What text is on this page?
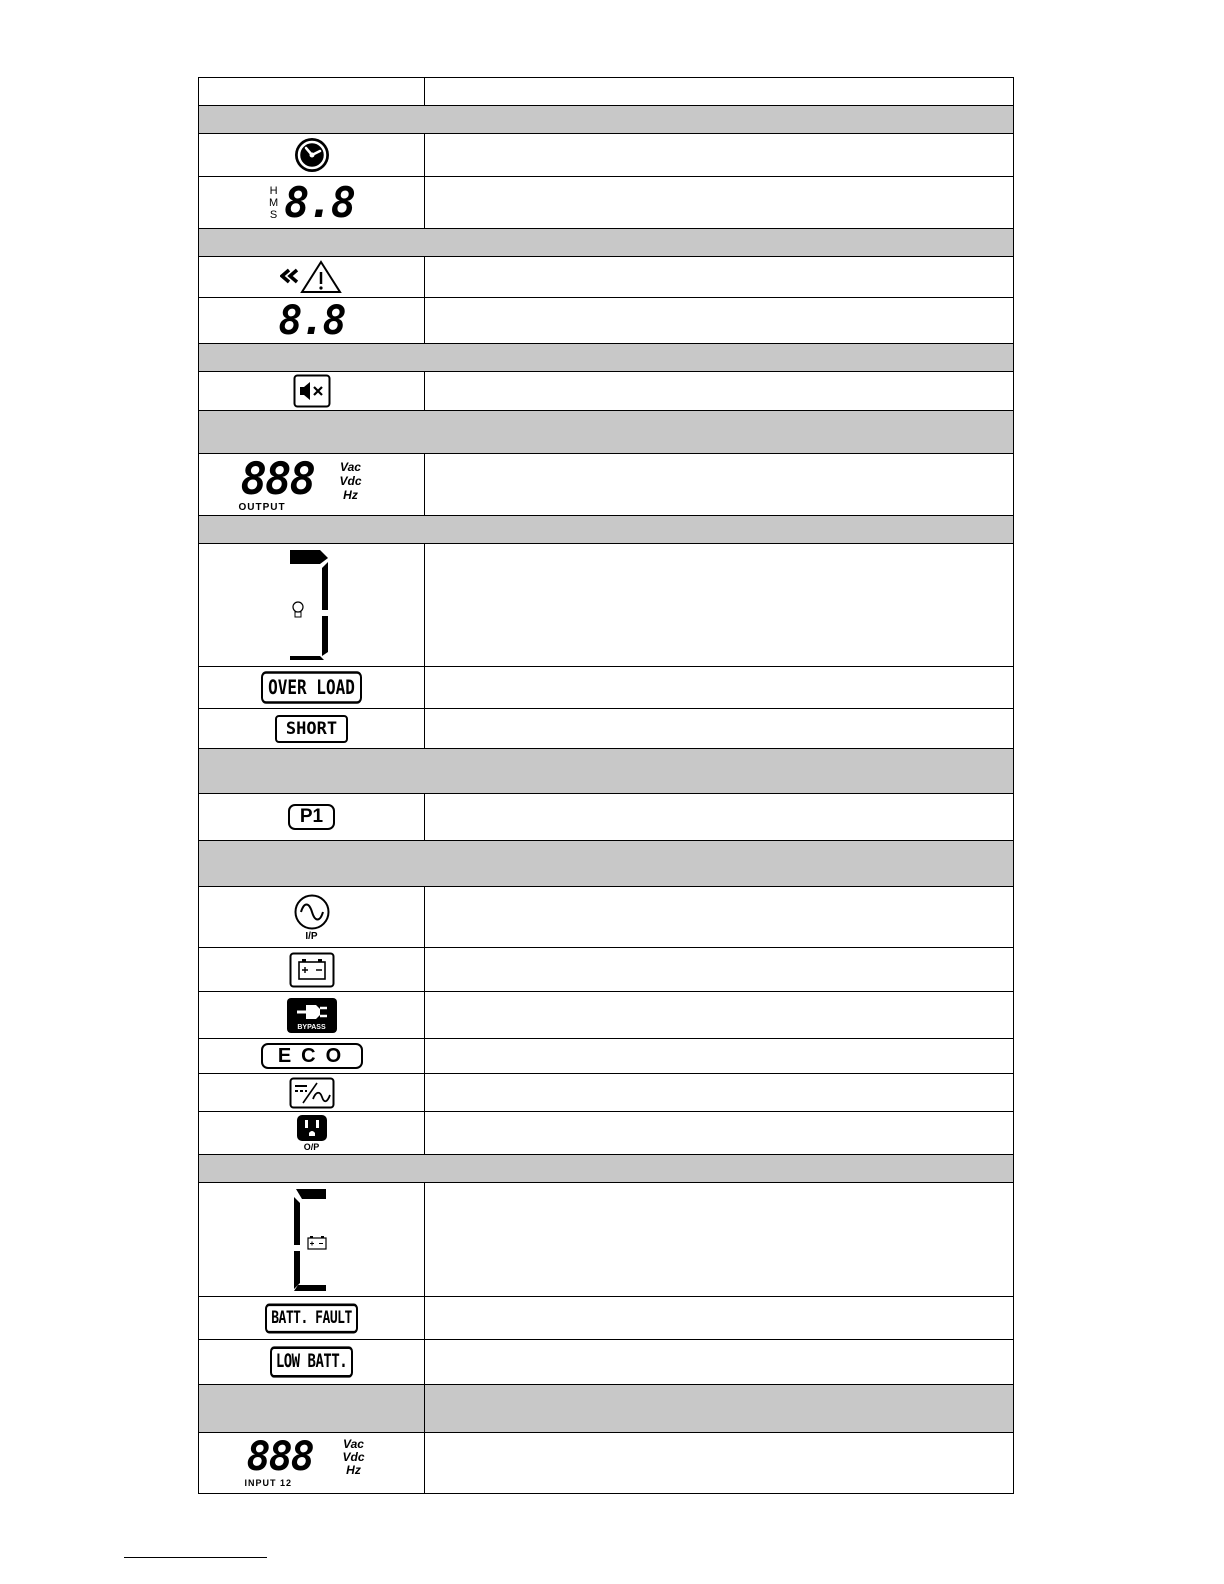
H
M
S 8.8	

8.8	

888 Vac
Vdc
Hz
OUTPUT	

OVER LOAD	
SHORT	

P1	

I/P	

BYPASS	

ECO	

O/P	

BATT. FAULT	
LOW BATT.	

888 Vac
Vdc
Hz
INPUT 12	
